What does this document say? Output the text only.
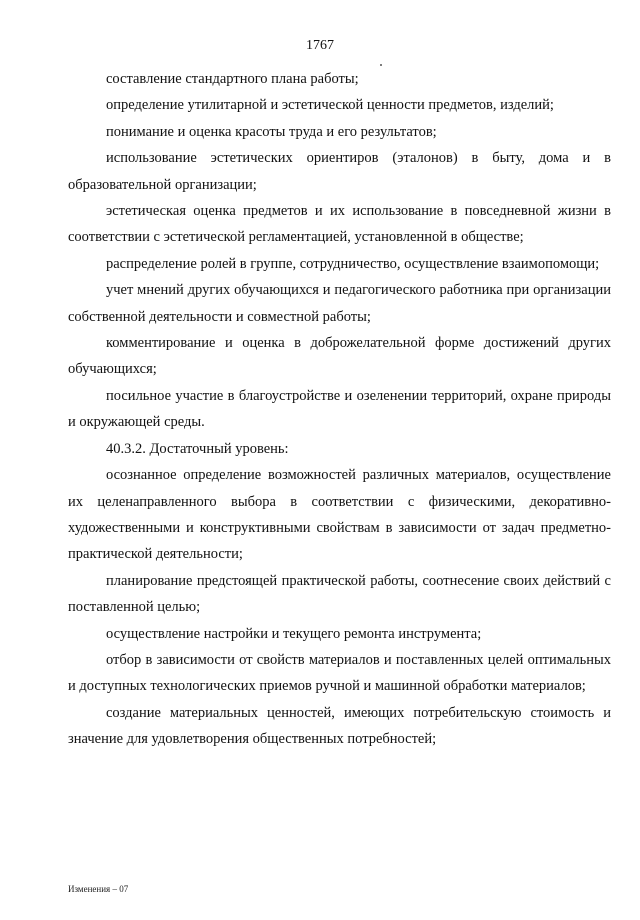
1767

составление стандартного плана работы;

определение утилитарной и эстетической ценности предметов, изделий;

понимание и оценка красоты труда и его результатов;

использование эстетических ориентиров (эталонов) в быту, дома и в образовательной организации;

эстетическая оценка предметов и их использование в повседневной жизни в соответствии с эстетической регламентацией, установленной в обществе;

распределение ролей в группе, сотрудничество, осуществление взаимопомощи;

учет мнений других обучающихся и педагогического работника при организации собственной деятельности и совместной работы;

комментирование и оценка в доброжелательной форме достижений других обучающихся;

посильное участие в благоустройстве и озеленении территорий, охране природы и окружающей среды.

40.3.2. Достаточный уровень:

осознанное определение возможностей различных материалов, осуществление их целенаправленного выбора в соответствии с физическими, декоративно-художественными и конструктивными свойствам в зависимости от задач предметно-практической деятельности;

планирование предстоящей практической работы, соотнесение своих действий с поставленной целью;

осуществление настройки и текущего ремонта инструмента;

отбор в зависимости от свойств материалов и поставленных целей оптимальных и доступных технологических приемов ручной и машинной обработки материалов;

создание материальных ценностей, имеющих потребительскую стоимость и значение для удовлетворения общественных потребностей;

Изменения – 07
